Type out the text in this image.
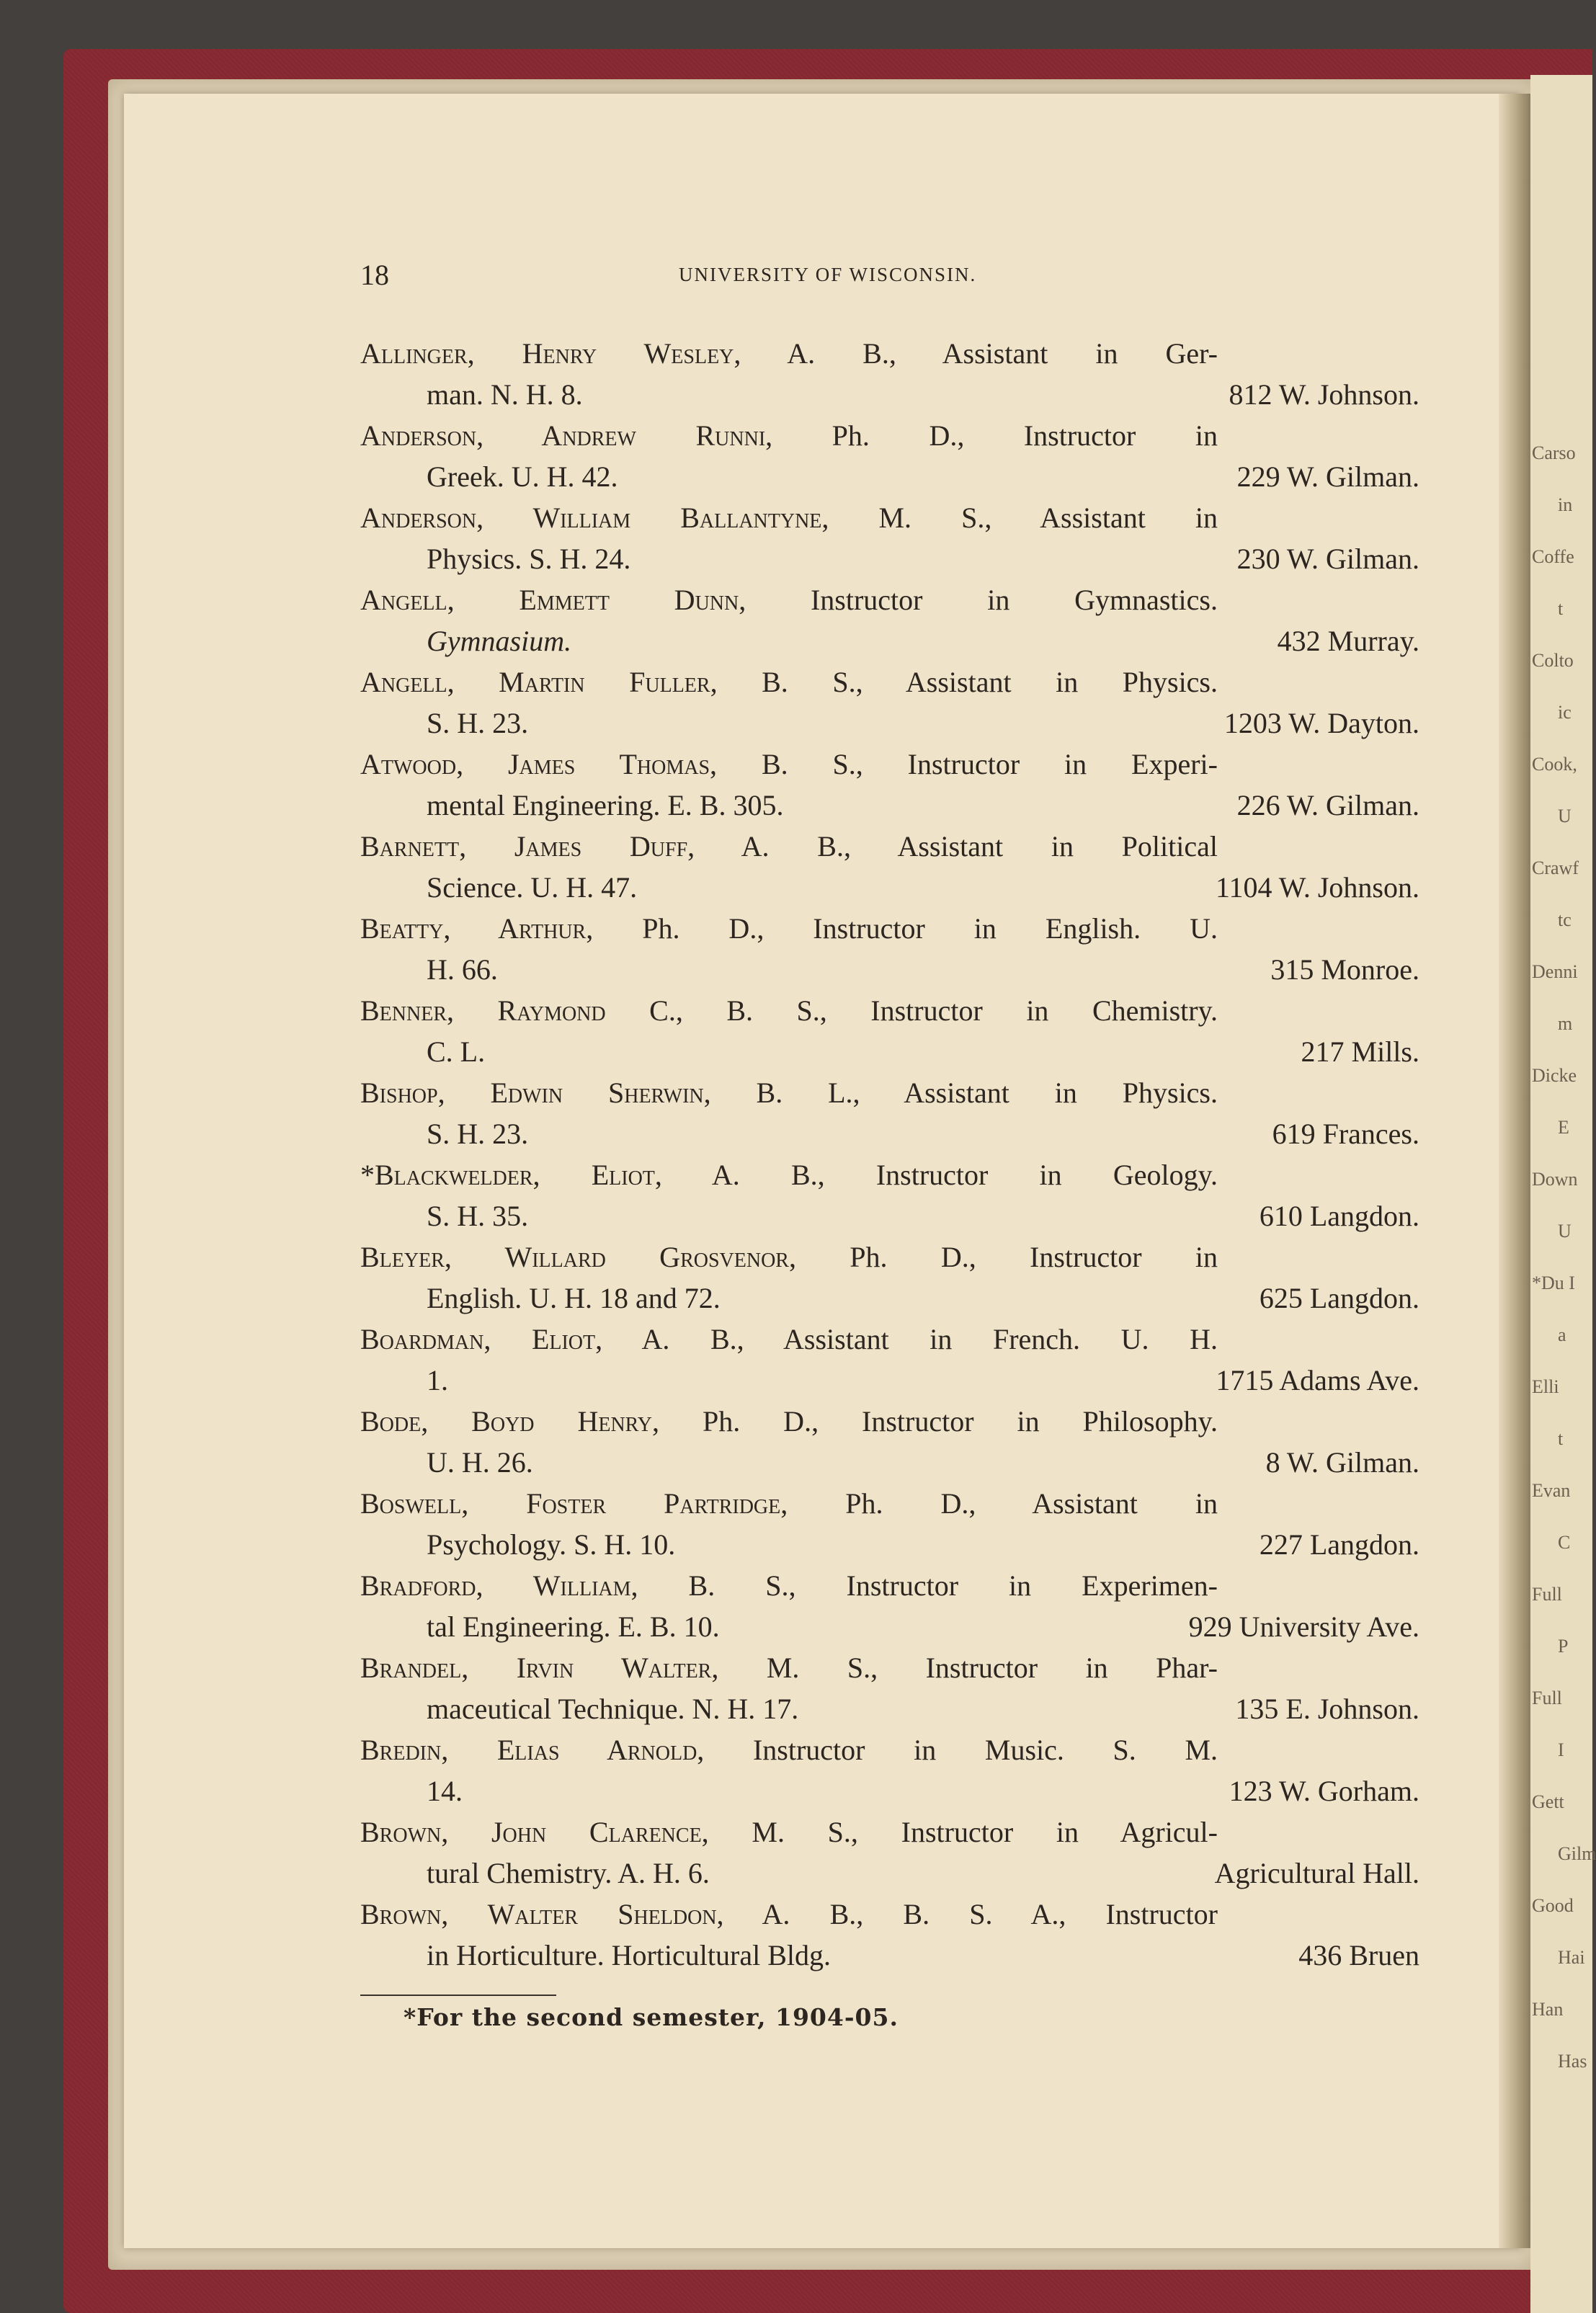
Carso
in
Coffe
t
Colto
ic
Cook,
U
Crawf
tc
Denni
m
Dicke
E
Down
U
*Du I
a
Elli
t
Evan
C
Full
P
Full
I
Gett
Gilm
Good
Hai
Han
Has
18	UNIVERSITY OF WISCONSIN.
Allinger, Henry Wesley, A. B., Assistant in Ger-
man. N. H. 8.	812 W. Johnson.
Anderson, Andrew Runni, Ph. D., Instructor in
Greek. U. H. 42.	229 W. Gilman.
Anderson, William Ballantyne, M. S., Assistant in
Physics. S. H. 24.	230 W. Gilman.
Angell, Emmett Dunn, Instructor in Gymnastics.
Gymnasium.	432 Murray.
Angell, Martin Fuller, B. S., Assistant in Physics.
S. H. 23.	1203 W. Dayton.
Atwood, James Thomas, B. S., Instructor in Experi-
mental Engineering. E. B. 305.	226 W. Gilman.
Barnett, James Duff, A. B., Assistant in Political
Science. U. H. 47.	1104 W. Johnson.
Beatty, Arthur, Ph. D., Instructor in English. U.
H. 66.	315 Monroe.
Benner, Raymond C., B. S., Instructor in Chemistry.
C. L.	217 Mills.
Bishop, Edwin Sherwin, B. L., Assistant in Physics.
S. H. 23.	619 Frances.
*Blackwelder, Eliot, A. B., Instructor in Geology.
S. H. 35.	610 Langdon.
Bleyer, Willard Grosvenor, Ph. D., Instructor in
English. U. H. 18 and 72.	625 Langdon.
Boardman, Eliot, A. B., Assistant in French. U. H.
1.	1715 Adams Ave.
Bode, Boyd Henry, Ph. D., Instructor in Philosophy.
U. H. 26.	8 W. Gilman.
Boswell, Foster Partridge, Ph. D., Assistant in
Psychology. S. H. 10.	227 Langdon.
Bradford, William, B. S., Instructor in Experimen-
tal Engineering. E. B. 10.	929 University Ave.
Brandel, Irvin Walter, M. S., Instructor in Phar-
maceutical Technique. N. H. 17.	135 E. Johnson.
Bredin, Elias Arnold, Instructor in Music. S. M.
14.	123 W. Gorham.
Brown, John Clarence, M. S., Instructor in Agricul-
tural Chemistry. A. H. 6.	Agricultural Hall.
Brown, Walter Sheldon, A. B., B. S. A., Instructor
in Horticulture. Horticultural Bldg.	436 Bruen
*For the second semester, 1904-05.
